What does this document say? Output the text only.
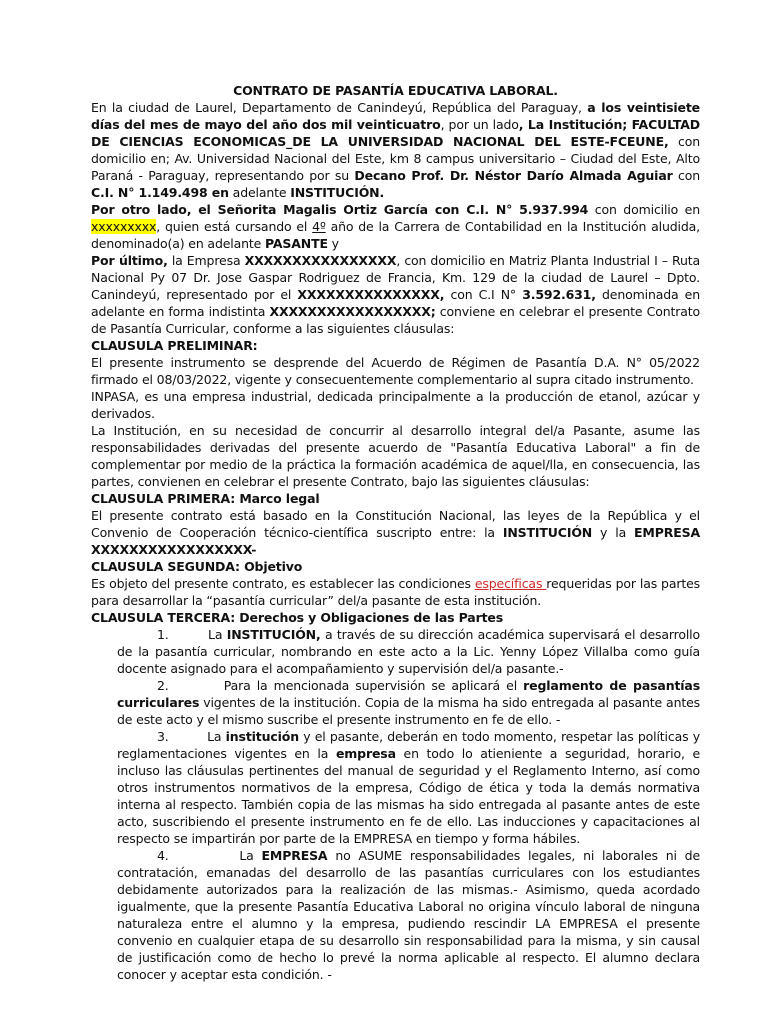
CONTRATO DE PASANTÍA EDUCATIVA LABORAL.

En la ciudad de Laurel, Departamento de Canindeyú, República del Paraguay, a los veintisiete días del mes de mayo del año dos mil veinticuatro, por un lado, La Institución; FACULTAD DE CIENCIAS ECONOMICAS_DE LA UNIVERSIDAD NACIONAL DEL ESTE-FCEUNE, con domicilio en; Av. Universidad Nacional del Este, km 8 campus universitario – Ciudad del Este, Alto Paraná - Paraguay, representando por su Decano Prof. Dr. Néstor Darío Almada Aguiar con C.I. N° 1.149.498 en adelante INSTITUCIÓN.

Por otro lado, el Señorita Magalis Ortiz García con C.I. N° 5.937.994 con domicilio en xxxxxxxxx, quien está cursando el 4º año de la Carrera de Contabilidad en la Institución aludida, denominado(a) en adelante PASANTE y

Por último, la Empresa XXXXXXXXXXXXXXXX, con domicilio en Matriz Planta Industrial I – Ruta Nacional Py 07 Dr. Jose Gaspar Rodriguez de Francia, Km. 129 de la ciudad de Laurel – Dpto. Canindeyú, representado por el XXXXXXXXXXXXXXX, con C.I N° 3.592.631, denominada en adelante en forma indistinta XXXXXXXXXXXXXXXXX; conviene en celebrar el presente Contrato de Pasantía Curricular, conforme a las siguientes cláusulas:

CLAUSULA PRELIMINAR:

El presente instrumento se desprende del Acuerdo de Régimen de Pasantía D.A. N° 05/2022 firmado el 08/03/2022, vigente y consecuentemente complementario al supra citado instrumento.

INPASA, es una empresa industrial, dedicada principalmente a la producción de etanol, azúcar y derivados.

La Institución, en su necesidad de concurrir al desarrollo integral del/a Pasante, asume las responsabilidades derivadas del presente acuerdo de "Pasantía Educativa Laboral" a fin de complementar por medio de la práctica la formación académica de aquel/lla, en consecuencia, las partes, convienen en celebrar el presente Contrato, bajo las siguientes cláusulas:

CLAUSULA PRIMERA: Marco legal

El presente contrato está basado en la Constitución Nacional, las leyes de la República y el Convenio de Cooperación técnico-científica suscripto entre: la INSTITUCIÓN y la EMPRESA XXXXXXXXXXXXXXXXX-

CLAUSULA SEGUNDA: Objetivo

Es objeto del presente contrato, es establecer las condiciones específicas requeridas por las partes para desarrollar la “pasantía curricular” del/a pasante de esta institución.

CLAUSULA TERCERA: Derechos y Obligaciones de las Partes

1.	La INSTITUCIÓN, a través de su dirección académica supervisará el desarrollo de la pasantía curricular, nombrando en este acto a la Lic. Yenny López Villalba como guía docente asignado para el acompañamiento y supervisión del/a pasante.-
2.	Para la mencionada supervisión se aplicará el reglamento de pasantías curriculares vigentes de la institución. Copia de la misma ha sido entregada al pasante antes de este acto y el mismo suscribe el presente instrumento en fe de ello. -
3.	La institución y el pasante, deberán en todo momento, respetar las políticas y reglamentaciones vigentes en la empresa en todo lo atieniente a seguridad, horario, e incluso las cláusulas pertinentes del manual de seguridad y el Reglamento Interno, así como otros instrumentos normativos de la empresa, Código de ética y toda la demás normativa interna al respecto. También copia de las mismas ha sido entregada al pasante antes de este acto, suscribiendo el presente instrumento en fe de ello. Las inducciones y capacitaciones al respecto se impartirán por parte de la EMPRESA en tiempo y forma hábiles.
4.	La EMPRESA no ASUME responsabilidades legales, ni laborales ni de contratación, emanadas del desarrollo de las pasantías curriculares con los estudiantes debidamente autorizados para la realización de las mismas.- Asimismo, queda acordado igualmente, que la presente Pasantía Educativa Laboral no origina vínculo laboral de ninguna naturaleza entre el alumno y la empresa, pudiendo rescindir LA EMPRESA el presente convenio en cualquier etapa de su desarrollo sin responsabilidad para la misma, y sin causal de justificación como de hecho lo prevé la norma aplicable al respecto. El alumno declara conocer y aceptar esta condición. -
